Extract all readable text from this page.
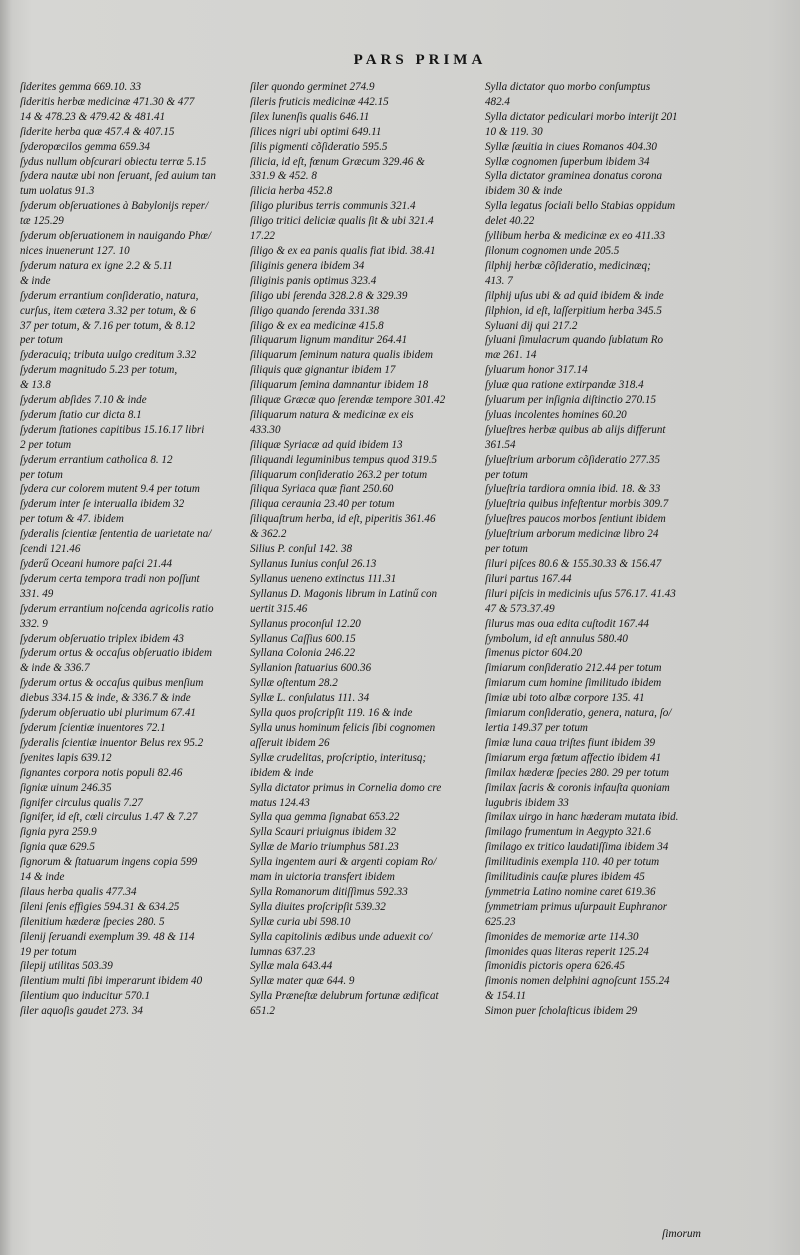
PARS PRIMA
ſiderites gemma 669.10. 33
ſideritis herbæ medicinæ 471.30 & 477
14 & 478.23 & 479.42 & 481.41
ſiderite herba quæ 457.4 & 407.15
ſyderopœcilos gemma 659.34
ſydus nullum obſcurari obiectu terræ 5.15
ſydera nautæ ubi non ſeruant, ſed auium tan
tum uolatus 91.3
ſyderum obſeruationes à Babylonijs reper/
tæ 125.29
ſyderum obſeruationem in nauigando Phœ/
nices inuenerunt 127. 10
ſyderum natura ex igne 2.2 & 5.11
& inde
ſyderum errantium conſideratio, natura,
curſus, item cætera 3.32 per totum, & 6
37 per totum, & 7.16 per totum, & 8.12
per totum
ſyderacuiq; tributa uulgo creditum 3.32
ſyderum magnitudo 5.23 per totum,
& 13.8
ſyderum abſides 7.10 & inde
ſyderum ſtatio cur dicta 8.1
ſyderum ſtationes capitibus 15.16.17 libri
2 per totum
ſyderum errantium catholica 8. 12
per totum
ſydera cur colorem mutent 9.4 per totum
ſyderum inter ſe interualla ibidem 32
per totum & 47. ibidem
ſyderalis ſcientiæ ſententia de uarietate na/
ſcendi 121.46
ſyderű Oceani humore paſci 21.44
ſyderum certa tempora tradi non poſſunt
331. 49
ſyderum errantium noſcenda agricolis ratio
332. 9
ſyderum obſeruatio triplex ibidem 43
ſyderum ortus & occaſus obſeruatio ibidem
& inde & 336.7
ſyderum ortus & occaſus quibus menſium
diebus 334.15 & inde, & 336.7 & inde
ſyderum obſeruatio ubi plurimum 67.41
ſyderum ſcientiæ inuentores 72.1
ſyderalis ſcientiæ inuentor Belus rex 95.2
ſyenites lapis 639.12
ſignantes corpora notis populi 82.46
ſigniæ uinum 246.35
ſignifer circulus qualis 7.27
ſignifer, id eſt, cœli circulus 1.47 & 7.27
ſignia pyra 259.9
ſignia quæ 629.5
ſignorum & ſtatuarum ingens copia 599
14 & inde
ſilaus herba qualis 477.34
ſileni ſenis effigies 594.31 & 634.25
ſilenitium hæderæ ſpecies 280. 5
ſilenij ſeruandi exemplum 39. 48 & 114
19 per totum
ſilepij utilitas 503.39
ſilentium multi ſibi imperarunt ibidem 40
ſilentium quo inducitur 570.1
ſiler aquoſis gaudet 273. 34
ſiler quondo germinet 274.9
ſileris fruticis medicinæ 442.15
ſilex lunenſis qualis 646.11
ſilices nigri ubi optimi 649.11
ſilis pigmenti cõſideratio 595.5
ſilicia, id eſt, fœnum Græcum 329.46 &
331.9 & 452. 8
ſilicia herba 452.8
ſiligo pluribus terris communis 321.4
ſiligo tritici deliciæ qualis ſit & ubi 321.4
17.22
ſiligo & ex ea panis qualis fiat ibid. 38.41
ſiliginis genera ibidem 34
ſiliginis panis optimus 323.4
ſiligo ubi ſerenda 328.2.8 & 329.39
ſiligo quando ſerenda 331.38
ſiligo & ex ea medicinæ 415.8
ſiliquarum lignum manditur 264.41
ſiliquarum ſeminum natura qualis ibidem
ſiliquis quæ gignantur ibidem 17
ſiliquarum ſemina damnantur ibidem 18
ſiliquæ Græcæ quo ſerendæ tempore 301.42
ſiliquarum natura & medicinæ ex eis
433.30
ſiliquæ Syriacæ ad quid ibidem 13
ſiliquandi leguminibus tempus quod 319.5
ſiliquarum conſideratio 263.2 per totum
ſiliqua Syriaca quæ fiant 250.60
ſiliqua ceraunia 23.40 per totum
ſiliquaſtrum herba, id eſt, piperitis 361.46
& 362.2
Silius P. conſul 142. 38
Syllanus Iunius conſul 26.13
Syllanus ueneno extinctus 111.31
Syllanus D. Magonis librum in Latinű con
uertit 315.46
Syllanus proconſul 12.20
Syllanus Caſſius 600.15
Syllana Colonia 246.22
Syllanion ſtatuarius 600.36
Syllæ oſtentum 28.2
Syllæ L. conſulatus 111. 34
Sylla quos proſcripſit 119. 16 & inde
Sylla unus hominum felicis ſibi cognomen
aſſeruit ibidem 26
Syllæ crudelitas, proſcriptio, interitusq;
ibidem & inde
Sylla dictator primus in Cornelia domo cre
matus 124.43
Sylla qua gemma ſignabat 653.22
Sylla Scauri priuignus ibidem 32
Syllæ de Mario triumphus 581.23
Sylla ingentem auri & argenti copiam Ro/
mam in uictoria transfert ibidem
Sylla Romanorum ditiſſimus 592.33
Sylla diuites proſcripſit 539.32
Syllæ curia ubi 598.10
Sylla capitolinis ædibus unde aduexit co/
lumnas 637.23
Syllæ mala 643.44
Syllæ mater quæ 644. 9
Sylla Præneſtæ delubrum fortunæ ædificat
651.2
Sylla dictator quo morbo conſumptus
482.4
Sylla dictator pediculari morbo interijt 201
10 & 119. 30
Syllæ ſæuitia in ciues Romanos 404.30
Syllæ cognomen ſuperbum ibidem 34
Sylla dictator graminea donatus corona
ibidem 30 & inde
Sylla legatus ſociali bello Stabias oppidum
delet 40.22
ſyllibum herba & medicinæ ex eo 411.33
ſilonum cognomen unde 205.5
ſilphij herbæ cõſideratio, medicinæq;
413. 7
ſilphij uſus ubi & ad quid ibidem & inde
ſilphion, id eſt, laſſerpitium herba 345.5
Syluani dij qui 217.2
ſyluani ſimulacrum quando ſublatum Ro
mæ 261. 14
ſyluarum honor 317.14
ſyluæ qua ratione extirpandæ 318.4
ſyluarum per inſignia diſtinctio 270.15
ſyluas incolentes homines 60.20
ſylueſtres herbæ quibus ab alijs differunt
361.54
ſylueſtrium arborum cõſideratio 277.35
per totum
ſylueſtria tardiora omnia ibid. 18. & 33
ſylueſtria quibus infeſtentur morbis 309.7
ſylueſtres paucos morbos ſentiunt ibidem
ſylueſtrium arborum medicinæ libro 24
per totum
ſiluri piſces 80.6 & 155.30.33 & 156.47
ſiluri partus 167.44
ſiluri piſcis in medicinis uſus 576.17. 41.43
47 & 573.37.49
ſilurus mas oua edita cuſtodit 167.44
ſymbolum, id eſt annulus 580.40
ſimenus pictor 604.20
ſimiarum conſideratio 212.44 per totum
ſimiarum cum homine ſimilitudo ibidem
ſimiæ ubi toto albæ corpore 135. 41
ſimiarum conſideratio, genera, natura, ſo/
lertia 149.37 per totum
ſimiæ luna caua triſtes fiunt ibidem 39
ſimiarum erga fœtum affectio ibidem 41
ſimilax hæderæ ſpecies 280. 29 per totum
ſimilax ſacris & coronis infauſta quoniam
lugubris ibidem 33
ſimilax uirgo in hanc hæderam mutata ibid.
ſimilago frumentum in Aegypto 321.6
ſimilago ex tritico laudatiſſima ibidem 34
ſimilitudinis exempla 110. 40 per totum
ſimilitudinis cauſæ plures ibidem 45
ſymmetria Latino nomine caret 619.36
ſymmetriam primus uſurpauit Euphranor
625.23
ſimonides de memoriæ arte 114.30
ſimonides quas literas reperit 125.24
ſimonidis pictoris opera 626.45
ſimonis nomen delphini agnoſcunt 155.24
& 154.11
Simon puer ſcholaſticus ibidem 29
ſimorum
